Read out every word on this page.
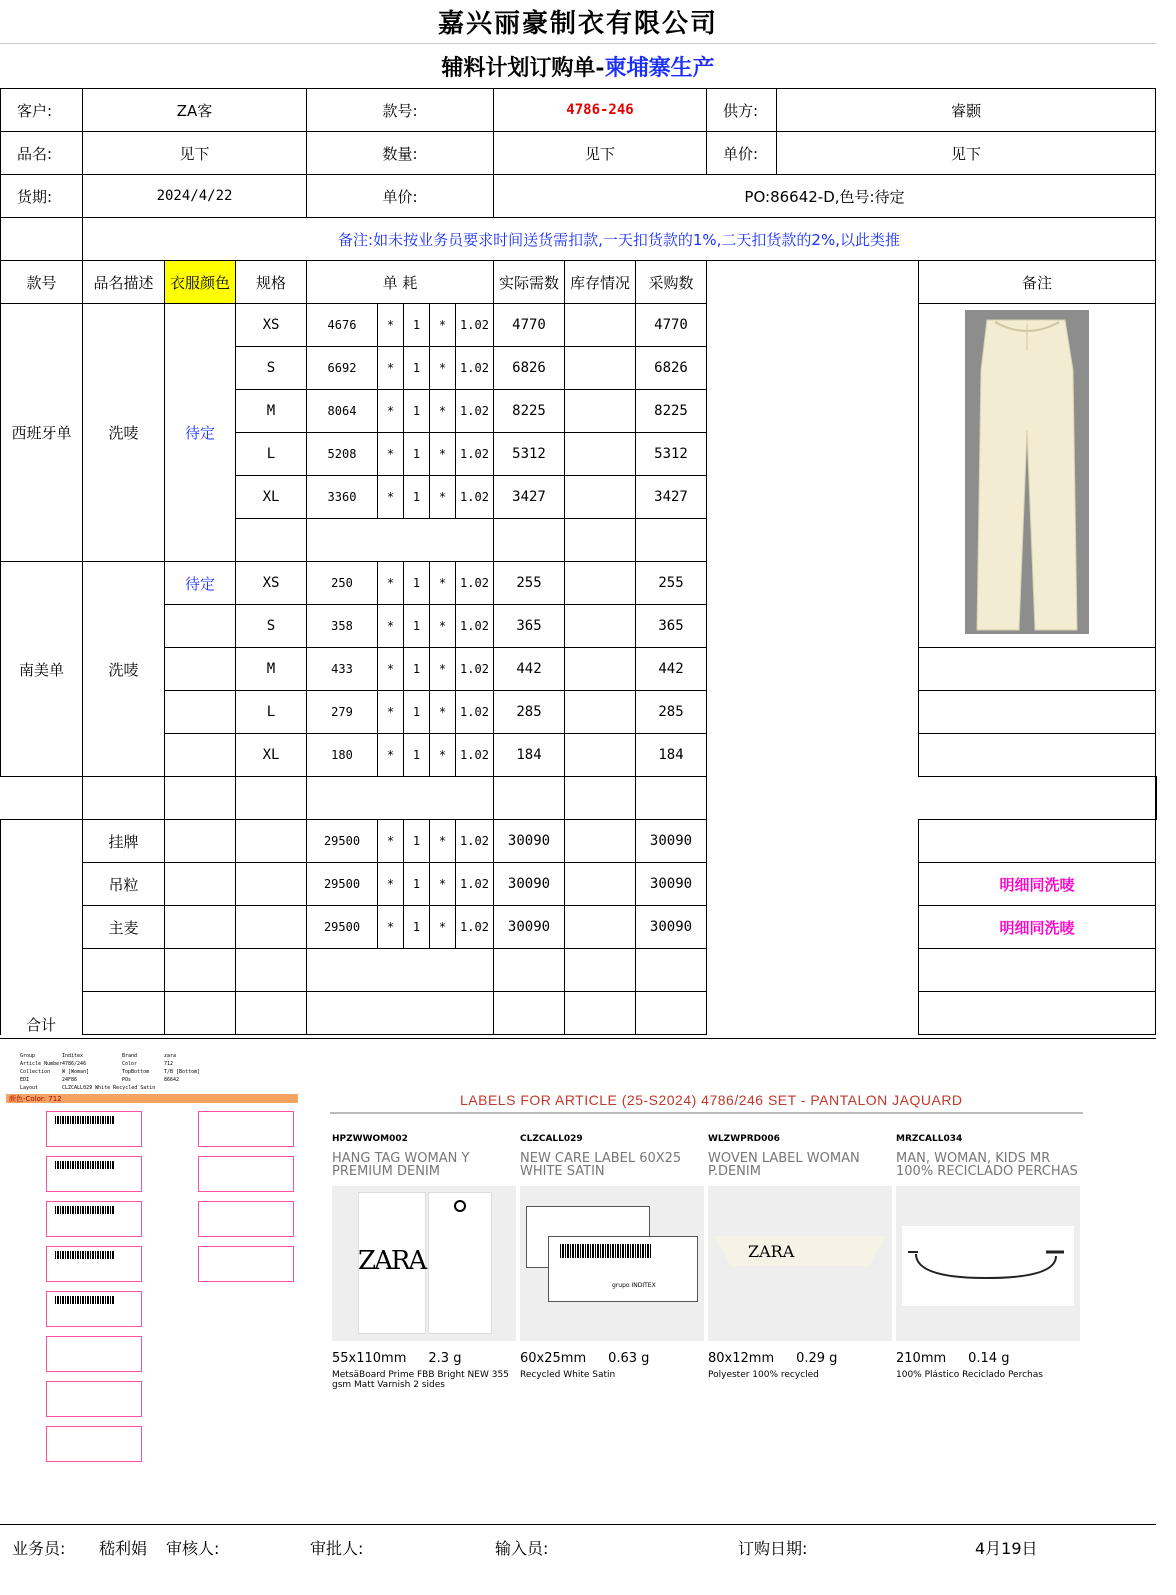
嘉兴丽豪制衣有限公司
辅料计划订购单- 柬埔寨生产
客户:	ZA客			款号:					4786-246			供方:	睿颢		
品名:	见下			数量:					见下			单价:	见下		
货期:	2024/4/22			单价:					PO:86642-D,色号:待定						
	备注:如未按业务员要求时间送货需扣款,一天扣货款的1%,二天扣货款的2%,以此类推														
款号	品名描述	衣服颜色	规格	单 耗					实际需数	库存情况	采购数			备注	
西班牙单	洗唛	待定	XS	4676	*	1	*	1.02	4770		4770				
			S	6692	*	1	*	1.02	6826		6826				
			M	8064	*	1	*	1.02	8225		8225				
			L	5208	*	1	*	1.02	5312		5312				
			XL	3360	*	1	*	1.02	3427		3427				

南美单	洗唛	待定	XS	250	*	1	*	1.02	255		255				
			S	358	*	1	*	1.02	365		365				
			M	433	*	1	*	1.02	442		442				
			L	279	*	1	*	1.02	285		285				
			XL	180	*	1	*	1.02	184		184				

	挂牌			29500	*	1	*	1.02	30090		30090				
	吊粒			29500	*	1	*	1.02	30090		30090			明细同洗唛	
	主麦			29500	*	1	*	1.02	30090		30090			明细同洗唛	

合计
Group	Inditex
Article Number 4786/246
Collection W [Woman]
EDI	24F86
Layout	CLZCALL029 White Recycled Satin
Brand	zara
Color	712
TopBottom	T/B [Bottom]
POs	86642
颜色-Color: 712	LABELS FOR ARTICLE (25-S2024) 4786/246 SET - PANTALON JAQUARD
HPZWWOM002
HANG TAG WOMAN Y PREMIUM DENIM
ZARA
55x110mm 2.3 g
MetsäBoard Prime FBB Bright NEW 355 gsm Matt Varnish 2 sides
CLZCALL029
NEW CARE LABEL 60X25 WHITE SATIN
grupo INDITEX
60x25mm 0.63 g
Recycled White Satin
WLZWPRD006
WOVEN LABEL WOMAN P.DENIM
ZARA
80x12mm 0.29 g
Polyester 100% recycled
MRZCALL034
MAN, WOMAN, KIDS MR 100% RECICLADO PERCHAS
210mm 0.14 g
100% Plástico Reciclado Perchas
业务员: 嵇利娟 审核人:	审批人:	输入员:	订购日期:	4月19日
